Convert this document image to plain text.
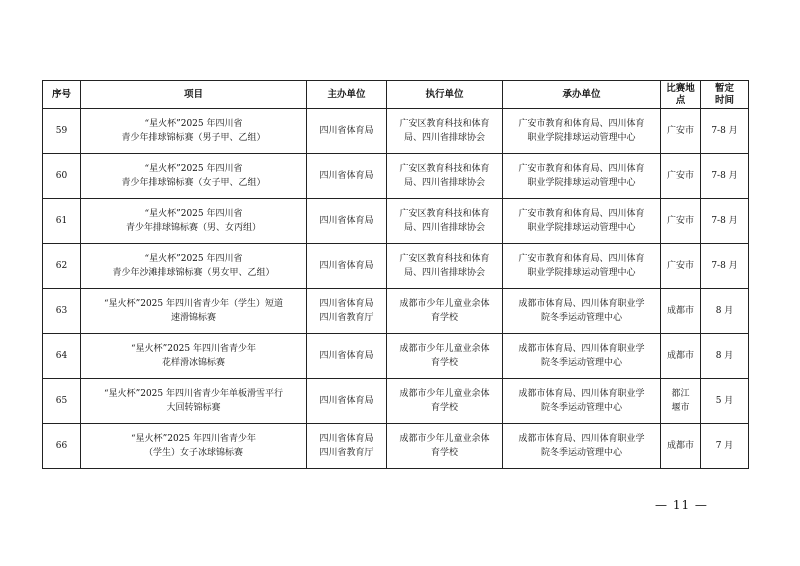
序号	项目	主办单位	执行单位	承办单位	比赛地
点	暂定
时间

59	“星火杯”2025 年四川省
青少年排球锦标赛（男子甲、乙组）	四川省体育局	广安区教育科技和体育
局、四川省排球协会	广安市教育和体育局、四川体育
职业学院排球运动管理中心	广安市	7-8 月
60	“星火杯”2025 年四川省
青少年排球锦标赛（女子甲、乙组）	四川省体育局	广安区教育科技和体育
局、四川省排球协会	广安市教育和体育局、四川体育
职业学院排球运动管理中心	广安市	7-8 月
61	“星火杯”2025 年四川省
青少年排球锦标赛（男、女丙组）	四川省体育局	广安区教育科技和体育
局、四川省排球协会	广安市教育和体育局、四川体育
职业学院排球运动管理中心	广安市	7-8 月
62	“星火杯”2025 年四川省
青少年沙滩排球锦标赛（男女甲、乙组）	四川省体育局	广安区教育科技和体育
局、四川省排球协会	广安市教育和体育局、四川体育
职业学院排球运动管理中心	广安市	7-8 月
63	“星火杯”2025 年四川省青少年（学生）短道
速滑锦标赛	四川省体育局
四川省教育厅	成都市少年儿童业余体
育学校	成都市体育局、四川体育职业学
院冬季运动管理中心	成都市	8 月
64	“星火杯”2025 年四川省青少年
花样滑冰锦标赛	四川省体育局	成都市少年儿童业余体
育学校	成都市体育局、四川体育职业学
院冬季运动管理中心	成都市	8 月
65	“星火杯”2025 年四川省青少年单板滑雪平行
大回转锦标赛	四川省体育局	成都市少年儿童业余体
育学校	成都市体育局、四川体育职业学
院冬季运动管理中心	都江
堰市	5 月
66	“星火杯”2025 年四川省青少年
（学生）女子冰球锦标赛	四川省体育局
四川省教育厅	成都市少年儿童业余体
育学校	成都市体育局、四川体育职业学
院冬季运动管理中心	成都市	7 月
— 11 —
